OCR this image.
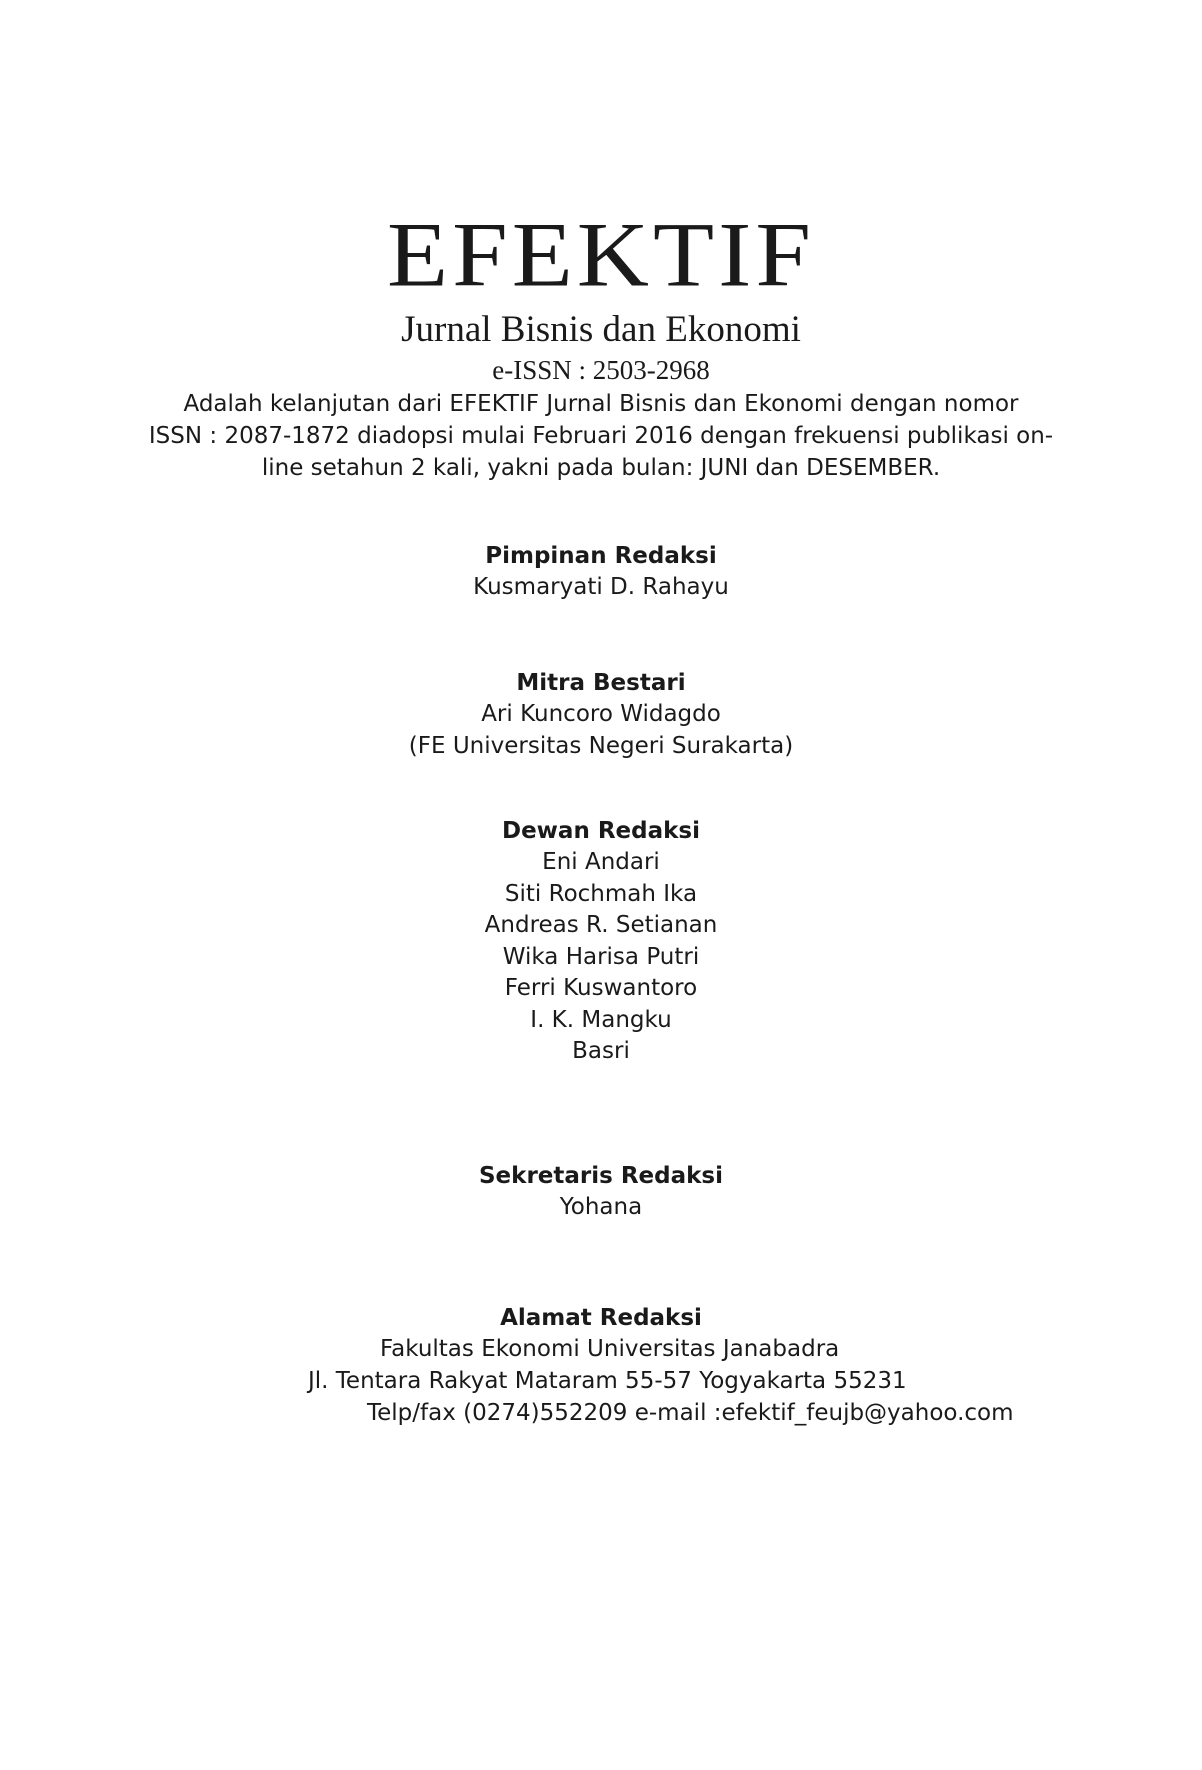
EFEKTIF
Jurnal Bisnis dan Ekonomi
e-ISSN : 2503-2968
Adalah kelanjutan dari EFEKTIF Jurnal Bisnis dan Ekonomi dengan nomor
ISSN : 2087-1872 diadopsi mulai Februari 2016 dengan frekuensi publikasi on-
line setahun 2 kali, yakni pada bulan: JUNI dan DESEMBER.
Pimpinan Redaksi
Kusmaryati D. Rahayu
Mitra Bestari
Ari Kuncoro Widagdo
(FE Universitas Negeri Surakarta)
Dewan Redaksi
Eni Andari
Siti Rochmah Ika
Andreas R. Setianan
Wika Harisa Putri
Ferri Kuswantoro
I. K. Mangku
Basri
Sekretaris Redaksi
Yohana
Alamat Redaksi
Fakultas Ekonomi Universitas Janabadra
Jl. Tentara Rakyat Mataram 55-57 Yogyakarta 55231
Telp/fax (0274)552209 e-mail :efektif_feujb@yahoo.com
